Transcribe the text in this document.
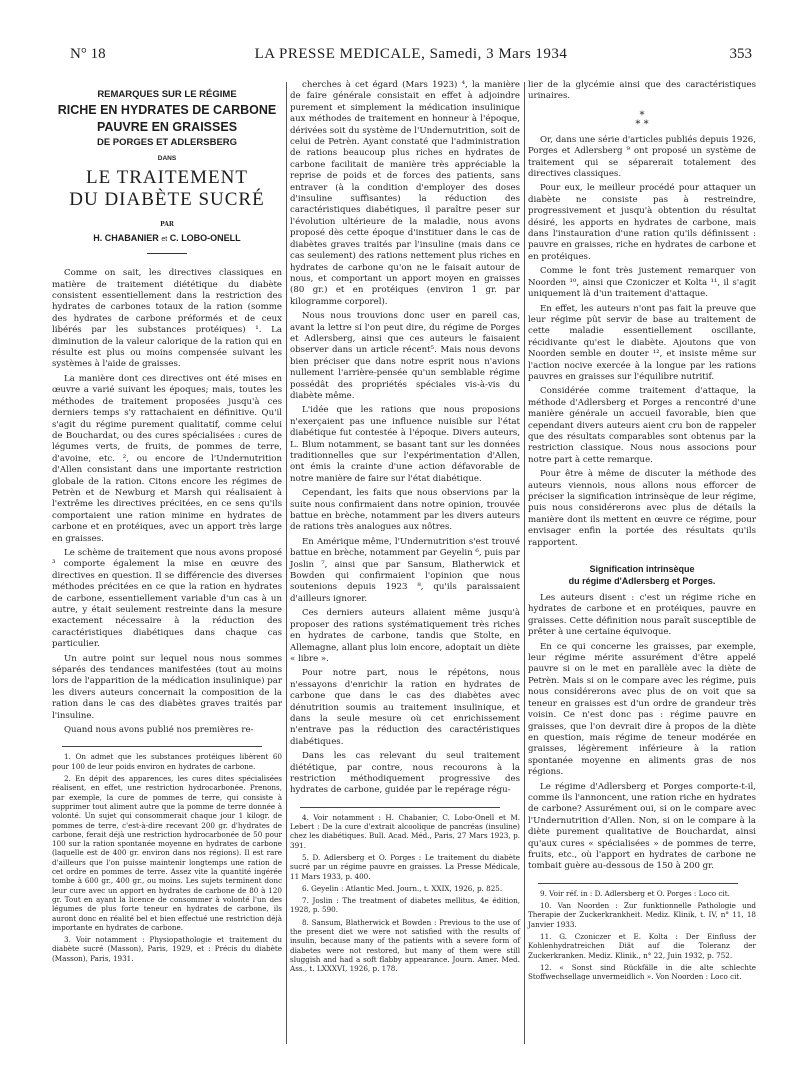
N° 18	LA PRESSE MEDICALE, Samedi, 3 Mars 1934	353
REMARQUES SUR LE RÉGIME
RICHE EN HYDRATES DE CARBONE
PAUVRE EN GRAISSES
DE PORGES ET ADLERSBERG
DANS
LE TRAITEMENT
DU DIABÈTE SUCRÉ
PAR
H. CHABANIER et C. LOBO-ONELL

Comme on sait, les directives classiques en matière de traitement diététique du diabète consistent essentiellement dans la restriction des hydrates de carbones totaux de la ration (somme des hydrates de carbone préformés et de ceux libérés par les substances protéiques) ¹. La diminution de la valeur calorique de la ration qui en résulte est plus ou moins compensée suivant les systèmes à l'aide de graisses.

La manière dont ces directives ont été mises en œuvre a varié suivant les époques; mais, toutes les méthodes de traitement proposées jusqu'à ces derniers temps s'y rattachaient en définitive. Qu'il s'agit du régime purement qualitatif, comme celui de Bouchardat, ou des cures spécialisées : cures de légumes verts, de fruits, de pommes de terre, d'avoine, etc. ², ou encore de l'Undernutrition d'Allen consistant dans une importante restriction globale de la ration. Citons encore les régimes de Petrèn et de Newburg et Marsh qui réalisaient à l'extrême les directives précitées, en ce sens qu'ils comportaient une ration minime en hydrates de carbone et en protéiques, avec un apport très large en graisses.

Le schème de traitement que nous avons proposé ³ comporte également la mise en œuvre des directives en question. Il se différencie des diverses méthodes précitées en ce que la ration en hydrates de carbone, essentiellement variable d'un cas à un autre, y était seulement restreinte dans la mesure exactement nécessaire à la réduction des caractéristiques diabétiques dans chaque cas particulier.

Un autre point sur lequel nous nous sommes séparés des tendances manifestées (tout au moins lors de l'apparition de la médication insulinique) par les divers auteurs concernait la composition de la ration dans le cas des diabètes graves traités par l'insuline.

Quand nous avons publié nos premières re-

1. On admet que les substances protéiques libèrent 60 pour 100 de leur poids environ en hydrates de carbone.

2. En dépit des apparences, les cures dites spécialisées réalisent, en effet, une restriction hydrocarbonée. Prenons, par exemple, la cure de pommes de terre, qui consiste à supprimer tout aliment autre que la pomme de terre donnée à volonté. Un sujet qui consommerait chaque jour 1 kilogr. de pommes de terre, c'est-à-dire recevant 200 gr. d'hydrates de carbone, ferait déjà une restriction hydrocarbonée de 50 pour 100 sur la ration spontanée moyenne en hydrates de carbone (laquelle est de 400 gr. environ dans nos régions). Il est rare d'ailleurs que l'on puisse maintenir longtemps une ration de cet ordre en pommes de terre. Assez vite la quantité ingérée tombe à 600 gr., 400 gr., ou moins. Les sujets terminent donc leur cure avec un apport en hydrates de carbone de 80 à 120 gr. Tout en ayant la licence de consommer à volonté l'un des légumes de plus forte teneur en hydrates de carbone, ils auront donc en réalité bel et bien effectué une restriction déjà importante en hydrates de carbone.

3. Voir notamment : Physiopathologie et traitement du diabète sucré (Masson), Paris, 1929, et : Précis du diabète (Masson), Paris, 1931.

cherches à cet égard (Mars 1923) ⁴, la manière de faire générale consistait en effet à adjoindre purement et simplement la médication insulinique aux méthodes de traitement en honneur à l'époque, dérivées soit du système de l'Undernutrition, soit de celui de Petrèn. Ayant constaté que l'administration de rations beaucoup plus riches en hydrates de carbone facilitait de manière très appréciable la reprise de poids et de forces des patients, sans entraver (à la condition d'employer des doses d'insuline suffisantes) la réduction des caractéristiques diabétiques, il paraître peser sur l'évolution ultérieure de la maladie, nous avons proposé dès cette époque d'instituer dans le cas de diabètes graves traités par l'insuline (mais dans ce cas seulement) des rations nettement plus riches en hydrates de carbone qu'on ne le faisait autour de nous, et comportant un apport moyen en graisses (80 gr.) et en protéiques (environ 1 gr. par kilogramme corporel).

Nous nous trouvions donc user en pareil cas, avant la lettre si l'on peut dire, du régime de Porges et Adlersberg, ainsi que ces auteurs le faisaient observer dans un article récent⁵. Mais nous devons bien préciser que dans notre esprit nous n'avions nullement l'arrière-pensée qu'un semblable régime possédât des propriétés spéciales vis-à-vis du diabète même.

L'idée que les rations que nous proposions n'exerçaient pas une influence nuisible sur l'état diabétique fut contestée à l'époque. Divers auteurs, L. Blum notamment, se basant tant sur les données traditionnelles que sur l'expérimentation d'Allen, ont émis la crainte d'une action défavorable de notre manière de faire sur l'état diabétique.

Cependant, les faits que nous observions par la suite nous confirmaient dans notre opinion, trouvée battue en brèche, notamment par les divers auteurs de rations très analogues aux nôtres.

En Amérique même, l'Undernutrition s'est trouvé battue en brèche, notamment par Geyelin ⁶, puis par Joslin ⁷, ainsi que par Sansum, Blatherwick et Bowden qui confirmaient l'opinion que nous soutenions depuis 1923 ⁸, qu'ils paraissaient d'ailleurs ignorer.

Ces derniers auteurs allaient même jusqu'à proposer des rations systématiquement très riches en hydrates de carbone, tandis que Stolte, en Allemagne, allant plus loin encore, adoptait un diète « libre ».

Pour notre part, nous le répétons, nous n'essayons d'enrichir la ration en hydrates de carbone que dans le cas des diabètes avec dénutrition soumis au traitement insulinique, et dans la seule mesure où cet enrichissement n'entrave pas la réduction des caractéristiques diabétiques.

Dans les cas relevant du seul traitement diététique, par contre, nous recourons à la restriction méthodiquement progressive des hydrates de carbone, guidée par le repérage régu-

4. Voir notamment : H. Chabanier, C. Lobo-Onell et M. Lebert : De la cure d'extrait alcoolique de pancréas (insuline) chez les diabétiques. Bull. Acad. Méd., Paris, 27 Mars 1923, p. 391.

5. D. Adlersberg et O. Porges : Le traitement du diabète sucré par un régime pauvre en graisses. La Presse Médicale, 11 Mars 1933, p. 400.

6. Geyelin : Atlantic Med. Journ., t. XXIX, 1926, p. 825.

7. Joslin : The treatment of diabetes mellitus, 4e édition, 1928, p. 590.

8. Sansum, Blatherwick et Bowden : Previous to the use of the present diet we were not satisfied with the results of insulin, because many of the patients with a severe form of diabetes were not restored, but many of them were still sluggish and had a soft flabby appearance. Journ. Amer. Med. Ass., t. LXXXVI, 1926, p. 178.

lier de la glycémie ainsi que des caractéristiques urinaires.

*
* *

Or, dans une série d'articles publiés depuis 1926, Porges et Adlersberg ⁹ ont proposé un système de traitement qui se séparerait totalement des directives classiques.

Pour eux, le meilleur procédé pour attaquer un diabète ne consiste pas à restreindre, progressivement et jusqu'à obtention du résultat désiré, les apports en hydrates de carbone, mais dans l'instauration d'une ration qu'ils définissent : pauvre en graisses, riche en hydrates de carbone et en protéiques.

Comme le font très justement remarquer von Noorden ¹⁰, ainsi que Czoniczer et Kolta ¹¹, il s'agit uniquement là d'un traitement d'attaque.

En effet, les auteurs n'ont pas fait la preuve que leur régime pût servir de base au traitement de cette maladie essentiellement oscillante, récidivante qu'est le diabète. Ajoutons que von Noorden semble en douter ¹², et insiste même sur l'action nocive exercée à la longue par les rations pauvres en graisses sur l'équilibre nutritif.

Considérée comme traitement d'attaque, la méthode d'Adlersberg et Porges a rencontré d'une manière générale un accueil favorable, bien que cependant divers auteurs aient cru bon de rappeler que des résultats comparables sont obtenus par la restriction classique. Nous nous associons pour notre part à cette remarque.

Pour être à même de discuter la méthode des auteurs viennois, nous allons nous efforcer de préciser la signification intrinsèque de leur régime, puis nous considérerons avec plus de détails la manière dont ils mettent en œuvre ce régime, pour envisager enfin la portée des résultats qu'ils rapportent.

Signification intrinsèque
du régime d'Adlersberg et Porges.

Les auteurs disent : c'est un régime riche en hydrates de carbone et en protéiques, pauvre en graisses. Cette définition nous paraît susceptible de prêter à une certaine équivoque.

En ce qui concerne les graisses, par exemple, leur régime mérite assurément d'être appelé pauvre si on le met en parallèle avec la diète de Petrèn. Mais si on le compare avec les régime, puis nous considérerons avec plus de on voit que sa teneur en graisses est d'un ordre de grandeur très voisin. Ce n'est donc pas : régime pauvre en graisses, que l'on devrait dire à propos de la diète en question, mais régime de teneur modérée en graisses, légèrement inférieure à la ration spontanée moyenne en aliments gras de nos régions.

Le régime d'Adlersberg et Porges comporte-t-il, comme ils l'annoncent, une ration riche en hydrates de carbone? Assurément oui, si on le compare avec l'Undernutrition d'Allen. Non, si on le compare à la diète purement qualitative de Bouchardat, ainsi qu'aux cures « spécialisées » de pommes de terre, fruits, etc., où l'apport en hydrates de carbone ne tombait guère au-dessous de 150 à 200 gr.

9. Voir réf. in : D. Adlersberg et O. Porges : Loco cit.

10. Van Noorden : Zur funktionnelle Pathologie und Therapie der Zuckerkrankheit. Mediz. Klinik, t. IV, n° 11, 18 Janvier 1933.

11. G. Czoniczer et E. Kolta : Der Einfluss der Kohlenhydratreichen Diät auf die Toleranz der Zuckerkranken. Mediz. Klinik., n° 22, Juin 1932, p. 752.

12. « Sonst sind Rückfälle in die alte schlechte Stoffwechsellage unvermeidlich ». Von Noorden : Loco cit.
